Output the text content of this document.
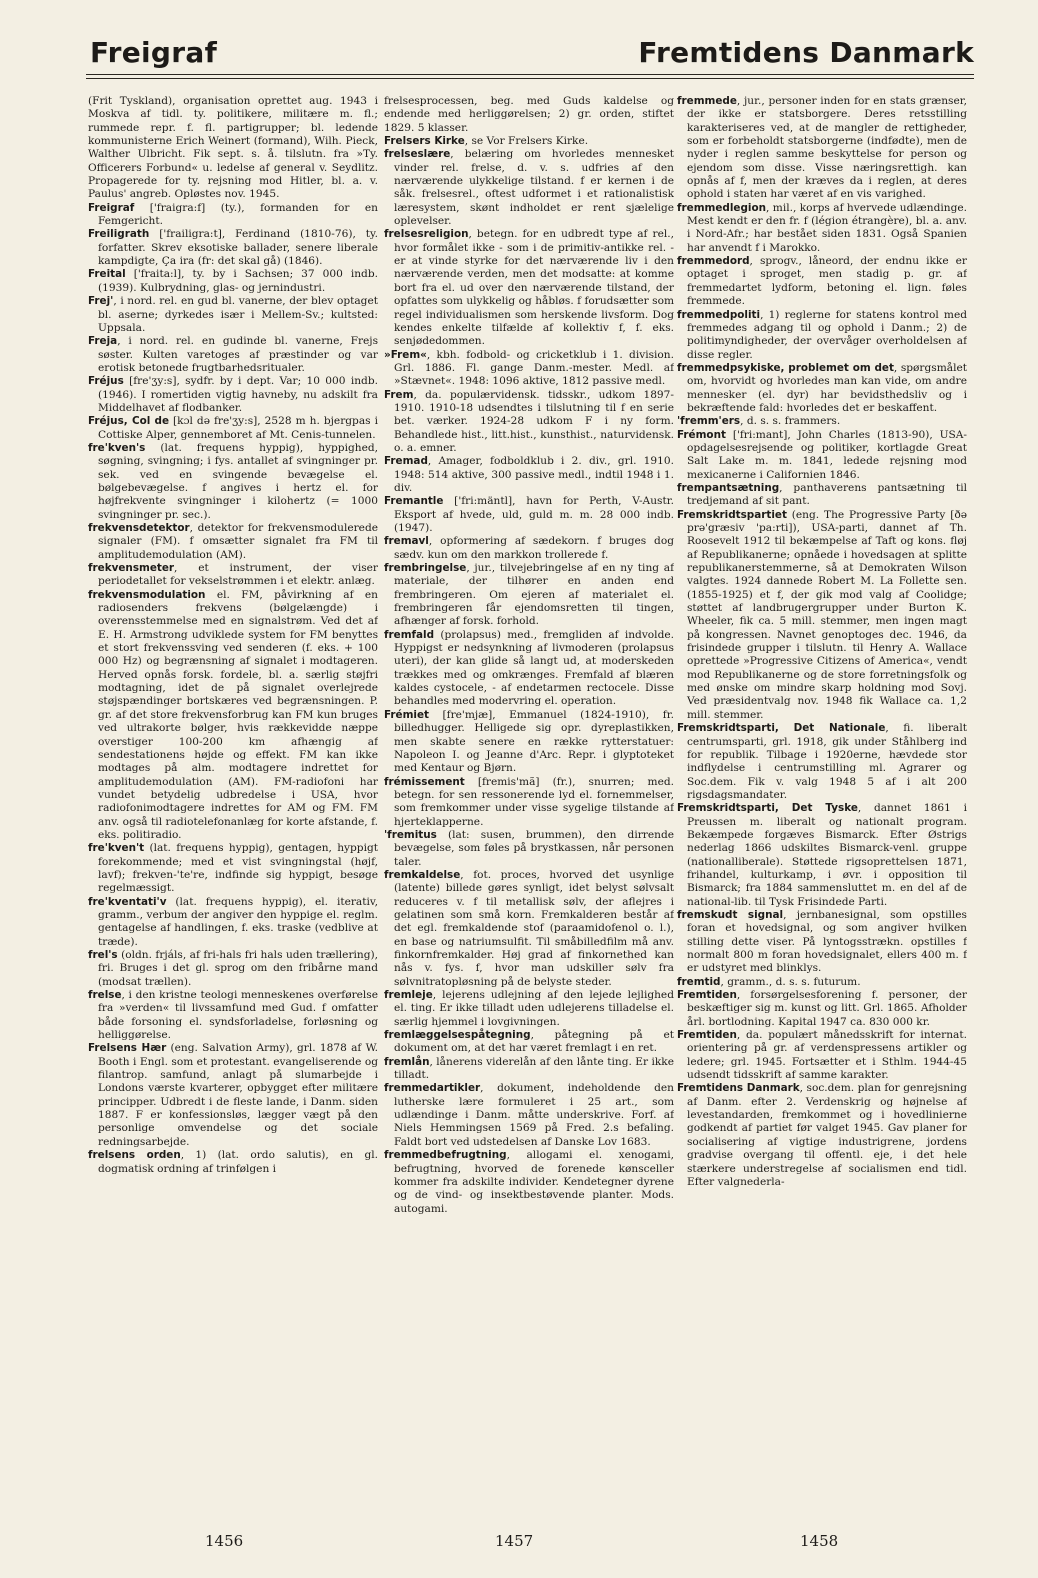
Freigraf	Fremtidens Danmark

(Frit Tyskland), organisation oprettet aug. 1943 i Moskva af tidl. ty. politikere, militære m. fl.; rummede repr. f. fl. partigrupper; bl. ledende kommunisterne Erich Weinert (formand), Wilh. Pieck, Walther Ulbricht. Fik sept. s. å. tilslutn. fra »Ty. Officerers Forbund« u. ledelse af general v. Seydlitz. Propagerede for ty. rejsning mod Hitler, bl. a. v. Paulus' angreb. Opløstes nov. 1945.

Freigraf ['fraigra:f] (ty.), formanden for en Femgericht.

Freiligrath ['frailigra:t], Ferdinand (1810-76), ty. forfatter. Skrev eksotiske ballader, senere liberale kampdigte, Ça ira (fr: det skal gå) (1846).

Freital ['fraita:l], ty. by i Sachsen; 37 000 indb. (1939). Kulbrydning, glas- og jernindustri.

Frej', i nord. rel. en gud bl. vanerne, der blev optaget bl. aserne; dyrkedes især i Mellem-Sv.; kultsted: Uppsala.

Freja, i nord. rel. en gudinde bl. vanerne, Frejs søster. Kulten varetoges af præstinder og var erotisk betonede frugtbarhedsritualer.

Fréjus [fre'ʒy:s], sydfr. by i dept. Var; 10 000 indb. (1946). I romertiden vigtig havneby, nu adskilt fra Middelhavet af flodbanker.

Fréjus, Col de [kɔl də fre'ʒy:s], 2528 m h. bjergpas i Cottiske Alper, gennemboret af Mt. Cenis-tunnelen.

fre'kven's (lat. frequens hyppig), hyppighed, søgning, svingning; i fys. antallet af svingninger pr. sek. ved en svingende bevægelse el. bølgebevægelse. f angives i hertz el. for højfrekvente svingninger i kilohertz (= 1000 svingninger pr. sec.).

frekvensdetektor, detektor for frekvensmodulerede signaler (FM). f omsætter signalet fra FM til amplitudemodulation (AM).

frekvensmeter, et instrument, der viser periodetallet for vekselstrømmen i et elektr. anlæg.

frekvensmodulation el. FM, påvirkning af en radiosenders frekvens (bølgelængde) i overensstemmelse med en signalstrøm. Ved det af E. H. Armstrong udviklede system for FM benyttes et stort frekvenssving ved senderen (f. eks. + 100 000 Hz) og begrænsning af signalet i modtageren. Herved opnås forsk. fordele, bl. a. særlig støjfri modtagning, idet de på signalet overlejrede støjspændinger bortskæres ved begrænsningen. P. gr. af det store frekvensforbrug kan FM kun bruges ved ultrakorte bølger, hvis rækkevidde næppe overstiger 100-200 km afhængig af sendestationens højde og effekt. FM kan ikke modtages på alm. modtagere indrettet for amplitudemodulation (AM). FM-radiofoni har vundet betydelig udbredelse i USA, hvor radiofonimodtagere indrettes for AM og FM. FM anv. også til radiotelefonanlæg for korte afstande, f. eks. politiradio.

fre'kven't (lat. frequens hyppig), gentagen, hyppigt forekommende; med et vist svingningstal (højf, lavf); frekven-'te're, indfinde sig hyppigt, besøge regelmæssigt.

fre'kventati'v (lat. frequens hyppig), el. iterativ, gramm., verbum der angiver den hyppige el. reglm. gentagelse af handlingen, f. eks. traske (vedblive at træde).

frel's (oldn. frjáls, af fri-hals fri hals uden trællering), fri. Bruges i det gl. sprog om den fribårne mand (modsat trællen).

frelse, i den kristne teologi menneskenes overførelse fra »verden« til livssamfund med Gud. f omfatter både forsoning el. syndsforladelse, forløsning og helliggørelse.

Frelsens Hær (eng. Salvation Army), grl. 1878 af W. Booth i Engl. som et protestant. evangeliserende og filantrop. samfund, anlagt på slumarbejde i Londons værste kvarterer, opbygget efter militære principper. Udbredt i de fleste lande, i Danm. siden 1887. F er konfessionsløs, lægger vægt på den personlige omvendelse og det sociale redningsarbejde.

frelsens orden, 1) (lat. ordo salutis), en gl. dogmatisk ordning af trinfølgen i

frelsesprocessen, beg. med Guds kaldelse og endende med herliggørelsen; 2) gr. orden, stiftet 1829. 5 klasser.

Frelsers Kirke, se Vor Frelsers Kirke.

frelseslære, belæring om hvorledes mennesket vinder rel. frelse, d. v. s. udfries af den nærværende ulykkelige tilstand. f er kernen i de såk. frelsesrel., oftest udformet i et rationalistisk læresystem, skønt indholdet er rent sjælelige oplevelser.

frelsesreligion, betegn. for en udbredt type af rel., hvor formålet ikke - som i de primitiv-antikke rel. - er at vinde styrke for det nærværende liv i den nærværende verden, men det modsatte: at komme bort fra el. ud over den nærværende tilstand, der opfattes som ulykkelig og håbløs. f forudsætter som regel individualismen som herskende livsform. Dog kendes enkelte tilfælde af kollektiv f, f. eks. senjødedommen.

»Frem«, kbh. fodbold- og cricketklub i 1. division. Grl. 1886. Fl. gange Danm.-mester. Medl. af »Stævnet«. 1948: 1096 aktive, 1812 passive medl.

Frem, da. populærvidensk. tidsskr., udkom 1897-1910. 1910-18 udsendtes i tilslutning til f en serie bet. værker. 1924-28 udkom F i ny form. Behandlede hist., litt.hist., kunsthist., naturvidensk. o. a. emner.

Fremad, Amager, fodboldklub i 2. div., grl. 1910. 1948: 514 aktive, 300 passive medl., indtil 1948 i 1. div.

Fremantle ['fri:mäntl], havn for Perth, V-Austr. Eksport af hvede, uld, guld m. m. 28 000 indb. (1947).

fremavl, opformering af sædekorn. f bruges dog sædv. kun om den markkon trollerede f.

frembringelse, jur., tilvejebringelse af en ny ting af materiale, der tilhører en anden end frembringeren. Om ejeren af materialet el. frembringeren får ejendomsretten til tingen, afhænger af forsk. forhold.

fremfald (prolapsus) med., fremgliden af indvolde. Hyppigst er nedsynkning af livmoderen (prolapsus uteri), der kan glide så langt ud, at moderskeden trækkes med og omkrænges. Fremfald af blæren kaldes cystocele, - af endetarmen rectocele. Disse behandles med modervring el. operation.

Frémiet [fre'mjæ], Emmanuel (1824-1910), fr. billedhugger. Helligede sig opr. dyreplastikken, men skabte senere en række rytterstatuer: Napoleon I. og Jeanne d'Arc. Repr. i glyptoteket med Kentaur og Bjørn.

frémissement [fremis'mã] (fr.), snurren; med. betegn. for sen ressonerende lyd el. fornemmelser, som fremkommer under visse sygelige tilstande af hjerteklapperne.

'fremitus (lat: susen, brummen), den dirrende bevægelse, som føles på brystkassen, når personen taler.

fremkaldelse, fot. proces, hvorved det usynlige (latente) billede gøres synligt, idet belyst sølvsalt reduceres v. f til metallisk sølv, der aflejres i gelatinen som små korn. Fremkalderen består af det egl. fremkaldende stof (paraamidofenol o. l.), en base og natriumsulfit. Til småbilledfilm må anv. finkornfremkalder. Høj grad af finkornethed kan nås v. fys. f, hvor man udskiller sølv fra sølvnitratopløsning på de belyste steder.

fremleje, lejerens udlejning af den lejede lejlighed el. ting. Er ikke tilladt uden udlejerens tilladelse el. særlig hjemmel i lovgivningen.

fremlæggelsespåtegning, påtegning på et dokument om, at det har været fremlagt i en ret.

fremlån, lånerens viderelån af den lånte ting. Er ikke tilladt.

fremmedartikler, dokument, indeholdende den lutherske lære formuleret i 25 art., som udlændinge i Danm. måtte underskrive. Forf. af Niels Hemmingsen 1569 på Fred. 2.s befaling. Faldt bort ved udstedelsen af Danske Lov 1683.

fremmedbefrugtning, allogami el. xenogami, befrugtning, hvorved de forenede kønsceller kommer fra adskilte individer. Kendetegner dyrene og de vind- og insektbestøvende planter. Mods. autogami.

fremmede, jur., personer inden for en stats grænser, der ikke er statsborgere. Deres retsstilling karakteriseres ved, at de mangler de rettigheder, som er forbeholdt statsborgerne (indfødte), men de nyder i reglen samme beskyttelse for person og ejendom som disse. Visse næringsrettigh. kan opnås af f, men der kræves da i reglen, at deres ophold i staten har været af en vis varighed.

fremmedlegion, mil., korps af hvervede udlændinge. Mest kendt er den fr. f (légion étrangère), bl. a. anv. i Nord-Afr.; har bestået siden 1831. Også Spanien har anvendt f i Marokko.

fremmedord, sprogv., låneord, der endnu ikke er optaget i sproget, men stadig p. gr. af fremmedartet lydform, betoning el. lign. føles fremmede.

fremmedpoliti, 1) reglerne for statens kontrol med fremmedes adgang til og ophold i Danm.; 2) de politimyndigheder, der overvåger overholdelsen af disse regler.

fremmedpsykiske, problemet om det, spørgsmålet om, hvorvidt og hvorledes man kan vide, om andre mennesker (el. dyr) har bevidsthedsliv og i bekræftende fald: hvorledes det er beskaffent.

'fremm'ers, d. s. s. frammers.

Frémont ['fri:mant], John Charles (1813-90), USA-opdagelsesrejsende og politiker, kortlagde Great Salt Lake m. m. 1841, ledede rejsning mod mexicanerne i Californien 1846.

frempantsætning, panthaverens pantsætning til tredjemand af sit pant.

Fremskridtspartiet (eng. The Progressive Party [ðə prə'græsiv 'pa:rti]), USA-parti, dannet af Th. Roosevelt 1912 til bekæmpelse af Taft og kons. fløj af Republikanerne; opnåede i hovedsagen at splitte republikanerstemmerne, så at Demokraten Wilson valgtes. 1924 dannede Robert M. La Follette sen. (1855-1925) et f, der gik mod valg af Coolidge; støttet af landbrugergrupper under Burton K. Wheeler, fik ca. 5 mill. stemmer, men ingen magt på kongressen. Navnet genoptoges dec. 1946, da frisindede grupper i tilslutn. til Henry A. Wallace oprettede »Progressive Citizens of America«, vendt mod Republikanerne og de store forretningsfolk og med ønske om mindre skarp holdning mod Sovj. Ved præsidentvalg nov. 1948 fik Wallace ca. 1,2 mill. stemmer.

Fremskridtsparti, Det Nationale, fi. liberalt centrumsparti, grl. 1918, gik under Ståhlberg ind for republik. Tilbage i 1920erne, hævdede stor indflydelse i centrumstilling ml. Agrarer og Soc.dem. Fik v. valg 1948 5 af i alt 200 rigsdagsmandater.

Fremskridtsparti, Det Tyske, dannet 1861 i Preussen m. liberalt og nationalt program. Bekæmpede forgæves Bismarck. Efter Østrigs nederlag 1866 udskiltes Bismarck-venl. gruppe (nationalliberale). Støttede rigsoprettelsen 1871, frihandel, kulturkamp, i øvr. i opposition til Bismarck; fra 1884 sammensluttet m. en del af de national-lib. til Tysk Frisindede Parti.

fremskudt signal, jernbanesignal, som opstilles foran et hovedsignal, og som angiver hvilken stilling dette viser. På lyntogsstrækn. opstilles f normalt 800 m foran hovedsignalet, ellers 400 m. f er udstyret med blinklys.

fremtid, gramm., d. s. s. futurum.

Fremtiden, forsørgelsesforening f. personer, der beskæftiger sig m. kunst og litt. Grl. 1865. Afholder årl. bortlodning. Kapital 1947 ca. 830 000 kr.

Fremtiden, da. populært månedsskrift for internat. orientering på gr. af verdenspressens artikler og ledere; grl. 1945. Fortsætter et i Sthlm. 1944-45 udsendt tidsskrift af samme karakter.

Fremtidens Danmark, soc.dem. plan for genrejsning af Danm. efter 2. Verdenskrig og højnelse af levestandarden, fremkommet og i hovedlinierne godkendt af partiet før valget 1945. Gav planer for socialisering af vigtige industrigrene, jordens gradvise overgang til offentl. eje, i det hele stærkere understregelse af socialismen end tidl. Efter valgnederla-

1456	1457	1458
